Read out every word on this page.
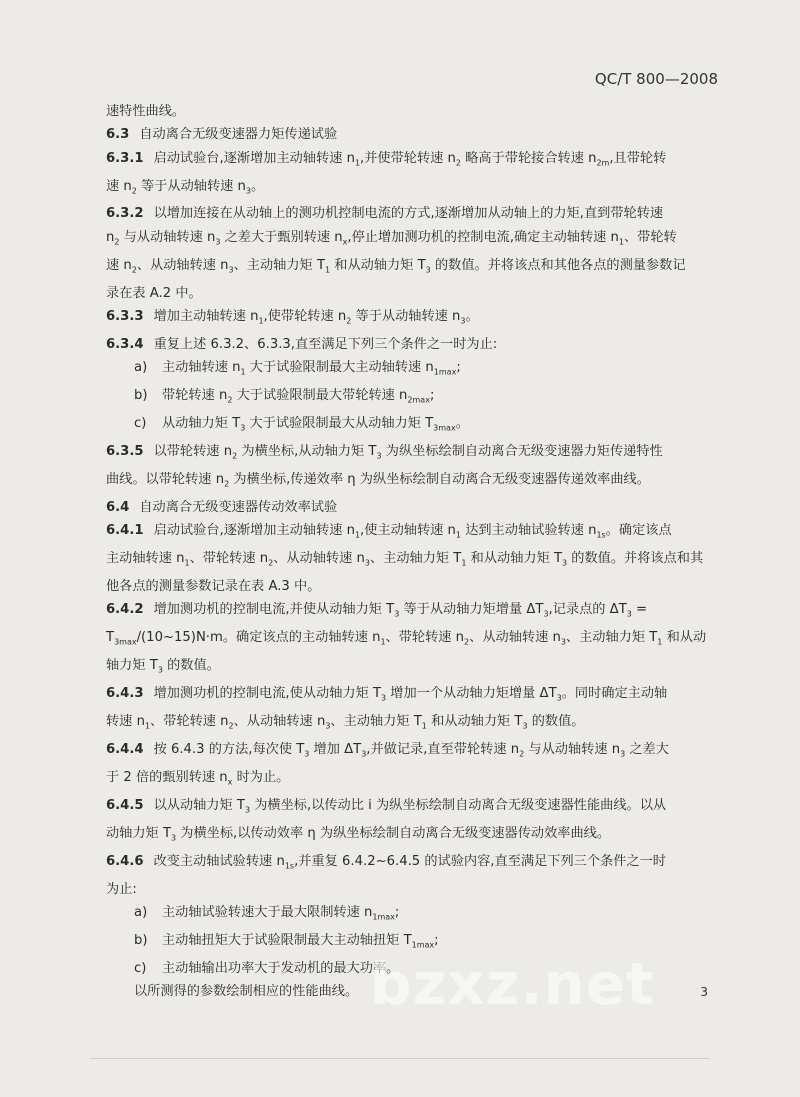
QC/T 800—2008

速特性曲线。

6.3 自动离合无级变速器力矩传递试验

6.3.1 启动试验台,逐渐增加主动轴转速 $n_1$,并使带轮转速 $n_2$ 略高于带轮接合转速 $n_{2m}$,且带轮转
速 $n_2$ 等于从动轴转速 $n_3$。

6.3.2 以增加连接在从动轴上的测功机控制电流的方式,逐渐增加从动轴上的力矩,直到带轮转速
$n_2$ 与从动轴转速 $n_3$ 之差大于甄别转速 $n_x$,停止增加测功机的控制电流,确定主动轴转速 $n_1$、带轮转
速 $n_2$、从动轴转速 $n_3$、主动轴力矩 $T_1$ 和从动轴力矩 $T_3$ 的数值。并将该点和其他各点的测量参数记
录在表 A.2 中。

6.3.3 增加主动轴转速 $n_1$,使带轮转速 $n_2$ 等于从动轴转速 $n_3$。

6.3.4 重复上述 6.3.2、6.3.3,直至满足下列三个条件之一时为止:

a) 主动轴转速 $n_1$ 大于试验限制最大主动轴转速 $n_{1max}$;

b) 带轮转速 $n_2$ 大于试验限制最大带轮转速 $n_{2max}$;

c) 从动轴力矩 $T_3$ 大于试验限制最大从动轴力矩 $T_{3max}$。

6.3.5 以带轮转速 $n_2$ 为横坐标,从动轴力矩 $T_3$ 为纵坐标绘制自动离合无级变速器力矩传递特性
曲线。以带轮转速 $n_2$ 为横坐标,传递效率 η 为纵坐标绘制自动离合无级变速器传递效率曲线。

6.4 自动离合无级变速器传动效率试验

6.4.1 启动试验台,逐渐增加主动轴转速 $n_1$,使主动轴转速 $n_1$ 达到主动轴试验转速 $n_{1s}$。确定该点
主动轴转速 $n_1$、带轮转速 $n_2$、从动轴转速 $n_3$、主动轴力矩 $T_1$ 和从动轴力矩 $T_3$ 的数值。并将该点和其
他各点的测量参数记录在表 A.3 中。

6.4.2 增加测功机的控制电流,并使从动轴力矩 $T_3$ 等于从动轴力矩增量 $\Delta T_3$,记录点的 $\Delta T_3$ =
$T_{3max}/(10\sim 15)N\cdot m$。确定该点的主动轴转速 $n_1$、带轮转速 $n_2$、从动轴转速 $n_3$、主动轴力矩 $T_1$ 和从动
轴力矩 $T_3$ 的数值。

6.4.3 增加测功机的控制电流,使从动轴力矩 $T_3$ 增加一个从动轴力矩增量 $\Delta T_3$。同时确定主动轴
转速 $n_1$、带轮转速 $n_2$、从动轴转速 $n_3$、主动轴力矩 $T_1$ 和从动轴力矩 $T_3$ 的数值。

6.4.4 按 6.4.3 的方法,每次使 $T_3$ 增加 $\Delta T_3$,并做记录,直至带轮转速 $n_2$ 与从动轴转速 $n_3$ 之差大
于 2 倍的甄别转速 $n_x$ 时为止。

6.4.5 以从动轴力矩 $T_3$ 为横坐标,以传动比 i 为纵坐标绘制自动离合无级变速器性能曲线。以从
动轴力矩 $T_3$ 为横坐标,以传动效率 η 为纵坐标绘制自动离合无级变速器传动效率曲线。

6.4.6 改变主动轴试验转速 $n_{1s}$,并重复 6.4.2~6.4.5 的试验内容,直至满足下列三个条件之一时
为止:

a) 主动轴试验转速大于最大限制转速 $n_{1max}$;

b) 主动轴扭矩大于试验限制最大主动轴扭矩 $T_{1max}$;

c) 主动轴输出功率大于发动机的最大功率。

以所测得的参数绘制相应的性能曲线。 bzxz.net	3
